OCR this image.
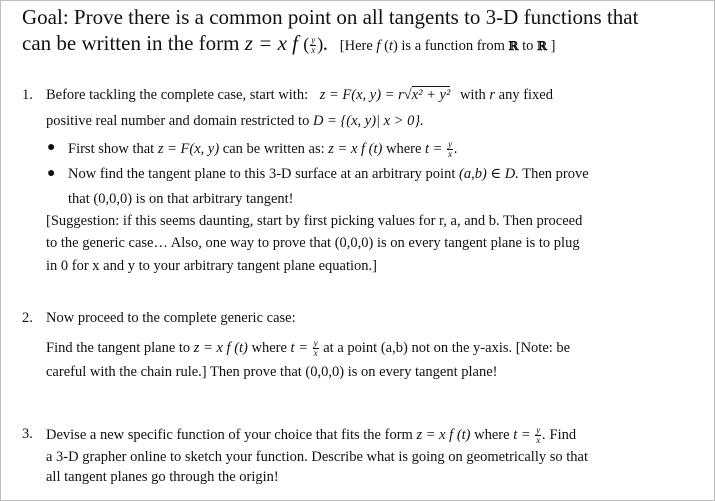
Goal: Prove there is a common point on all tangents to 3-D functions that
can be written in the form z = x f ( $\frac{y}{x}$ ). [Here f (t) is a function from ℝ to ℝ ]
1. Before tackling the complete case, start with: z = F(x, y) = r√x² + y² with r any fixed
positive real number and domain restricted to D = {(x, y)| x > 0}.
● First show that z = F(x, y) can be written as: z = x f (t) where $t = \frac{y}{x}$ .
● Now find the tangent plane to this 3-D surface at an arbitrary point (a,b) ∈ D. Then prove
that (0,0,0) is on that arbitrary tangent!
[Suggestion: if this seems daunting, start by first picking values for r, a, and b. Then proceed
to the generic case… Also, one way to prove that (0,0,0) is on every tangent plane is to plug
in 0 for x and y to your arbitrary tangent plane equation.]
2. Now proceed to the complete generic case:
Find the tangent plane to z = x f (t) where $t = \frac{y}{x}$ at a point (a,b) not on the y-axis. [Note: be
careful with the chain rule.] Then prove that (0,0,0) is on every tangent plane!
3. Devise a new specific function of your choice that fits the form z = x f (t) where $t = \frac{y}{x}$ . Find
a 3-D grapher online to sketch your function. Describe what is going on geometrically so that
all tangent planes go through the origin!
